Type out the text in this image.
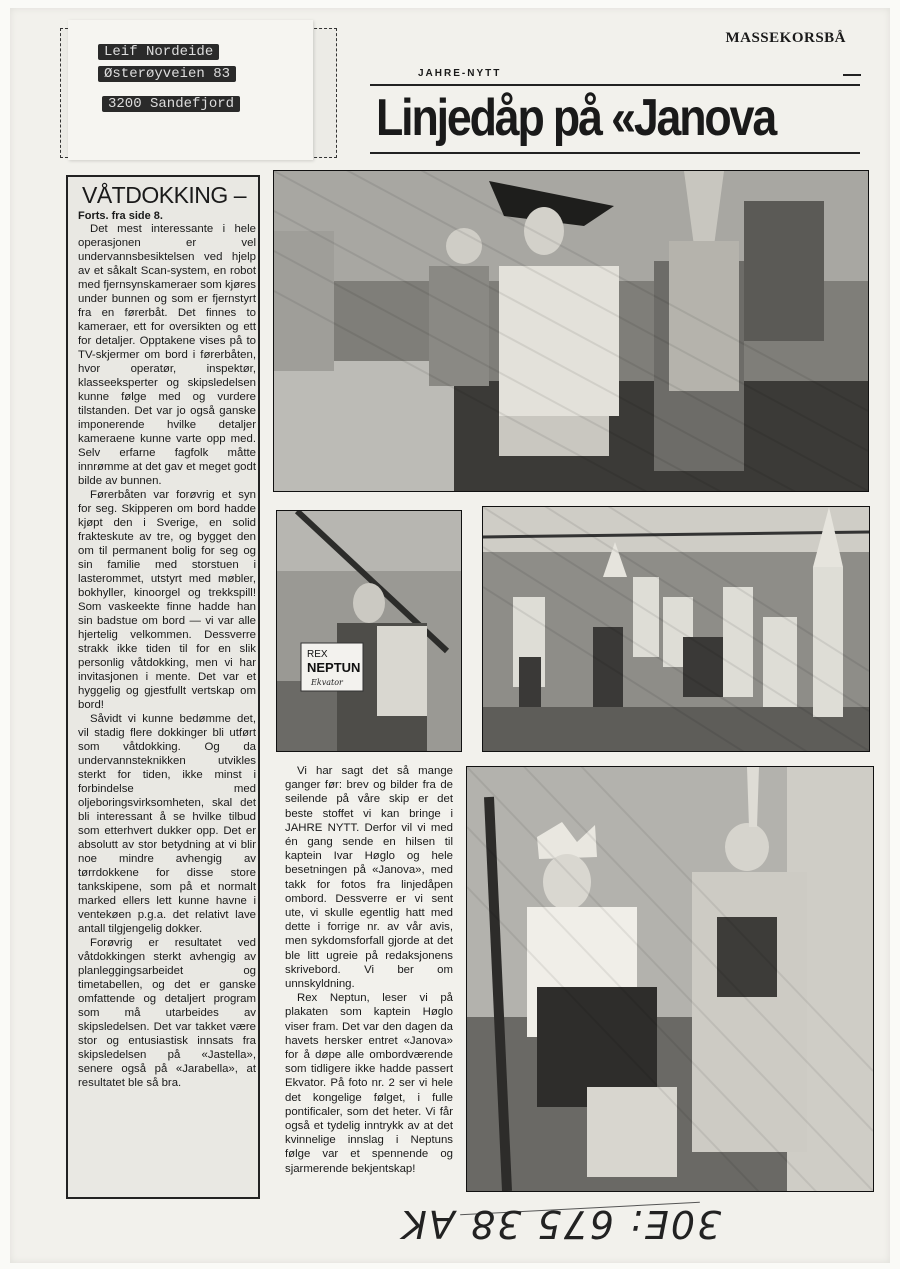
Leif Nordeide
Østerøyveien 83
3200 Sandefjord
MASSEKORSBÅ
JAHRE-NYTT
Linjedåp på «Janova
VÅTDOKKING –
Forts. fra side 8.

Det mest interessante i hele operasjonen er vel undervannsbesiktelsen ved hjelp av et såkalt Scan-system, en robot med fjernsynskameraer som kjøres under bunnen og som er fjernstyrt fra en førerbåt. Det finnes to kameraer, ett for oversikten og ett for detaljer. Opptakene vises på to TV-skjermer om bord i førerbåten, hvor operatør, inspektør, klasseeksperter og skipsledelsen kunne følge med og vurdere tilstanden. Det var jo også ganske imponerende hvilke detaljer kameraene kunne varte opp med. Selv erfarne fagfolk måtte innrømme at det gav et meget godt bilde av bunnen.

Førerbåten var forøvrig et syn for seg. Skipperen om bord hadde kjøpt den i Sverige, en solid frakteskute av tre, og bygget den om til permanent bolig for seg og sin familie med storstuen i lasterommet, utstyrt med møbler, bokhyller, kinoorgel og trekkspill! Som vaskeekte finne hadde han sin badstue om bord — vi var alle hjertelig velkommen. Dessverre strakk ikke tiden til for en slik personlig våtdokking, men vi har invitasjonen i mente. Det var et hyggelig og gjestfullt vertskap om bord!

Såvidt vi kunne bedømme det, vil stadig flere dokkinger bli utført som våtdokking. Og da undervannsteknikken utvikles sterkt for tiden, ikke minst i forbindelse med oljeboringsvirksomheten, skal det bli interessant å se hvilke tilbud som etterhvert dukker opp. Det er absolutt av stor betydning at vi blir noe mindre avhengig av tørrdokkene for disse store tankskipene, som på et normalt marked ellers lett kunne havne i ventekøen p.g.a. det relativt lave antall tilgjengelig dokker.

Forøvrig er resultatet ved våtdokkingen sterkt avhengig av planleggingsarbeidet og timetabellen, og det er ganske omfattende og detaljert program som må utarbeides av skipsledelsen. Det var takket være stor og entusiastisk innsats fra skipsledelsen på «Jastella», senere også på «Jarabella», at resultatet ble så bra.

REX
NEPTUN
Ekvator

Vi har sagt det så mange ganger før: brev og bilder fra de seilende på våre skip er det beste stoffet vi kan bringe i JAHRE NYTT. Derfor vil vi med én gang sende en hilsen til kaptein Ivar Høglo og hele besetningen på «Janova», med takk for fotos fra linjedåpen ombord. Dessverre er vi sent ute, vi skulle egentlig hatt med dette i forrige nr. av vår avis, men sykdomsforfall gjorde at det ble litt ugreie på redaksjonens skrivebord. Vi ber om unnskyldning.

Rex Neptun, leser vi på plakaten som kaptein Høglo viser fram. Det var den dagen da havets hersker entret «Janova» for å døpe alle ombordværende som tidligere ikke hadde passert Ekvator. På foto nr. 2 ser vi hele det kongelige følget, i fulle pontificaler, som det heter. Vi får også et tydelig inntrykk av at det kvinnelige innslag i Neptuns følge var et spennende og sjarmerende bekjentskap!

30E: 675 38 AK
